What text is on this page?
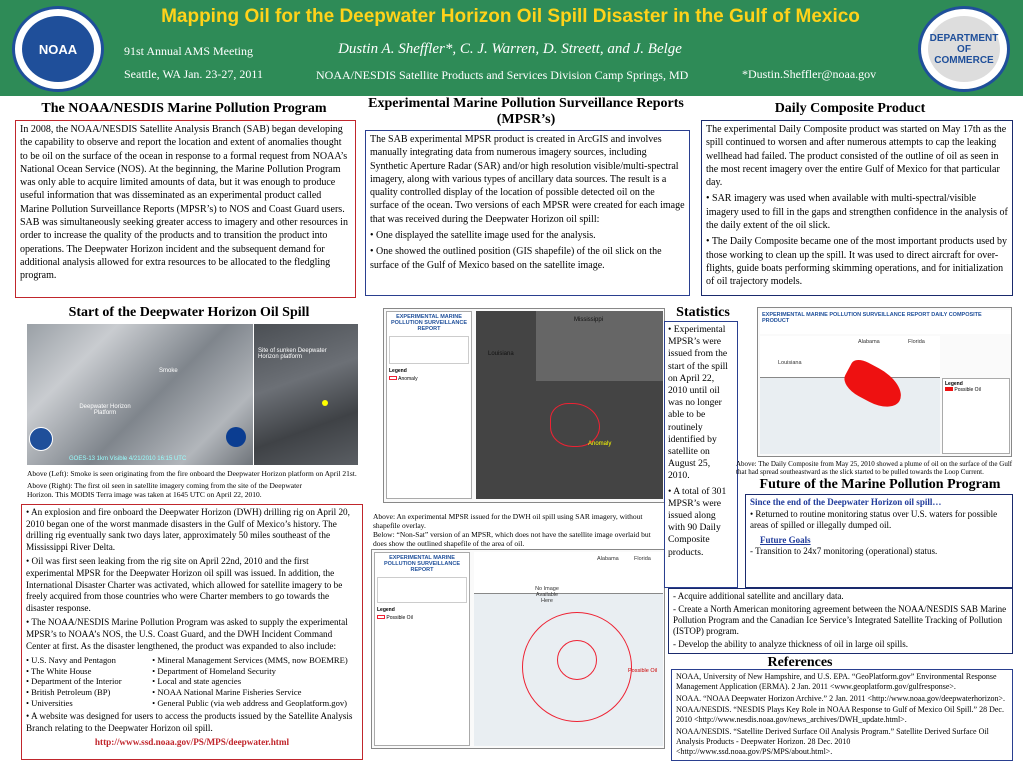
NOAA
Mapping Oil for the Deepwater Horizon Oil Spill Disaster in the Gulf of Mexico
91st Annual AMS Meeting
Seattle, WA Jan. 23-27, 2011
Dustin A. Sheffler*, C. J. Warren, D. Streett, and J. Belge
NOAA/NESDIS Satellite Products and Services Division Camp Springs, MD	*Dustin.Sheffler@noaa.gov
DEPARTMENT OF COMMERCE
The NOAA/NESDIS Marine Pollution Program

In 2008, the NOAA/NESDIS Satellite Analysis Branch (SAB) began developing the capability to observe and report the location and extent of anomalies thought to be oil on the surface of the ocean in response to a formal request from NOAA’s National Ocean Service (NOS). At the beginning, the Marine Pollution Program was only able to acquire limited amounts of data, but it was enough to produce useful information that was disseminated as an experimental product called Marine Pollution Surveillance Reports (MPSR’s) to NOS and Coast Guard users. SAB was simultaneously seeking greater access to imagery and other resources in order to increase the quality of the products and to transition the product into operations. The Deepwater Horizon incident and the subsequent demand for additional analysis allowed for extra resources to be allocated to the fledgling program.

Experimental Marine Pollution Surveillance Reports (MPSR’s)

The SAB experimental MPSR product is created in ArcGIS and involves manually integrating data from numerous imagery sources, including Synthetic Aperture Radar (SAR) and/or high resolution visible/multi-spectral imagery, along with various types of ancillary data sources. The result is a quality controlled display of the location of possible detected oil on the surface of the ocean. Two versions of each MPSR were created for each image that was received during the Deepwater Horizon oil spill:

• One displayed the satellite image used for the analysis.

• One showed the outlined position (GIS shapefile) of the oil slick on the surface of the Gulf of Mexico based on the satellite image.

Daily Composite Product

The experimental Daily Composite product was started on May 17th as the spill continued to worsen and after numerous attempts to cap the leaking wellhead had failed. The product consisted of the outline of oil as seen in the most recent imagery over the entire Gulf of Mexico for that particular day.

• SAR imagery was used when available with multi-spectral/visible imagery used to fill in the gaps and strengthen confidence in the analysis of the daily extent of the oil slick.

• The Daily Composite became one of the most important products used by those working to clean up the spill. It was used to direct aircraft for over-flights, guide boats performing skimming operations, and for initialization of oil trajectory models.

Start of the Deepwater Horizon Oil Spill
Smoke
Deepwater Horizon Platform
GOES-13 1km Visible 4/21/2010 16:15 UTC
Site of sunken Deepwater Horizon platform
Above (Left): Smoke is seen originating from the fire onboard the Deepwater Horizon platform on April 21st.
Above (Right): The first oil seen in satellite imagery coming from the site of the Deepwater Horizon. This MODIS Terra image was taken at 1645 UTC on April 22, 2010.

• An explosion and fire onboard the Deepwater Horizon (DWH) drilling rig on April 20, 2010 began one of the worst manmade disasters in the Gulf of Mexico’s history. The drilling rig eventually sank two days later, approximately 50 miles southeast of the Mississippi River Delta.

• Oil was first seen leaking from the rig site on April 22nd, 2010 and the first experimental MPSR for the Deepwater Horizon oil spill was issued. In addition, the International Disaster Charter was activated, which allowed for satellite imagery to be freely acquired from those countries who were Charter members to go towards the disaster response.

• The NOAA/NESDIS Marine Pollution Program was asked to supply the experimental MPSR’s to NOAA’s NOS, the U.S. Coast Guard, and the DWH Incident Command Center at first. As the disaster lengthened, the product was expanded to also include:

• U.S. Navy and Pentagon
• The White House
• Department of the Interior
• British Petroleum (BP)
• Universities
• Mineral Management Services (MMS, now BOEMRE)
• Department of Homeland Security
• Local and state agencies
• NOAA National Marine Fisheries Service
• General Public (via web address and Geoplatform.gov)

• A website was designed for users to access the products issued by the Satellite Analysis Branch relating to the Deepwater Horizon oil spill.

http://www.ssd.noaa.gov/PS/MPS/deepwater.html

EXPERIMENTAL MARINE POLLUTION SURVEILLANCE REPORT
Legend
Anomaly
Louisiana
Mississippi
Anomaly
Above: An experimental MPSR issued for the DWH oil spill using SAR imagery, without shapefile overlay.
Below: “Non-Sat” version of an MPSR, which does not have the satellite image overlaid but does show the outlined shapefile of the area of oil.
EXPERIMENTAL MARINE POLLUTION SURVEILLANCE REPORT
Legend
Possible Oil
Alabama	Florida
No Image Available Here
Possible Oil
Statistics

• Experimental MPSR’s were issued from the start of the spill on April 22, 2010 until oil was no longer able to be routinely identified by satellite on August 25, 2010.

• A total of 301 MPSR’s were issued along with 90 Daily Composite products.

EXPERIMENTAL MARINE POLLUTION SURVEILLANCE REPORT DAILY COMPOSITE PRODUCT
Alabama
Louisiana
Florida
Legend
Possible Oil
Above: The Daily Composite from May 25, 2010 showed a plume of oil on the surface of the Gulf that had spread southeastward as the slick started to be pulled towards the Loop Current.
Future of the Marine Pollution Program

Since the end of the Deepwater Horizon oil spill…

• Returned to routine monitoring status over U.S. waters for possible areas of spilled or illegally dumped oil.

Future Goals

- Transition to 24x7 monitoring (operational) status.

- Acquire additional satellite and ancillary data.

- Create a North American monitoring agreement between the NOAA/NESDIS SAB Marine Pollution Program and the Canadian Ice Service’s Integrated Satellite Tracking of Pollution (ISTOP) program.

- Develop the ability to analyze thickness of oil in large oil spills.

References

NOAA, University of New Hampshire, and U.S. EPA. “GeoPlatform.gov” Environmental Response Management Application (ERMA). 2 Jan. 2011 <www.geoplatform.gov/gulfresponse>.

NOAA. “NOAA Deepwater Horizon Archive.” 2 Jan. 2011 <http://www.noaa.gov/deepwaterhorizon>.

NOAA/NESDIS. “NESDIS Plays Key Role in NOAA Response to Gulf of Mexico Oil Spill.” 28 Dec. 2010 <http://www.nesdis.noaa.gov/news_archives/DWH_update.html>.

NOAA/NESDIS. “Satellite Derived Surface Oil Analysis Program.” Satellite Derived Surface Oil Analysis Products - Deepwater Horizon. 28 Dec. 2010 <http://www.ssd.noaa.gov/PS/MPS/about.html>.
